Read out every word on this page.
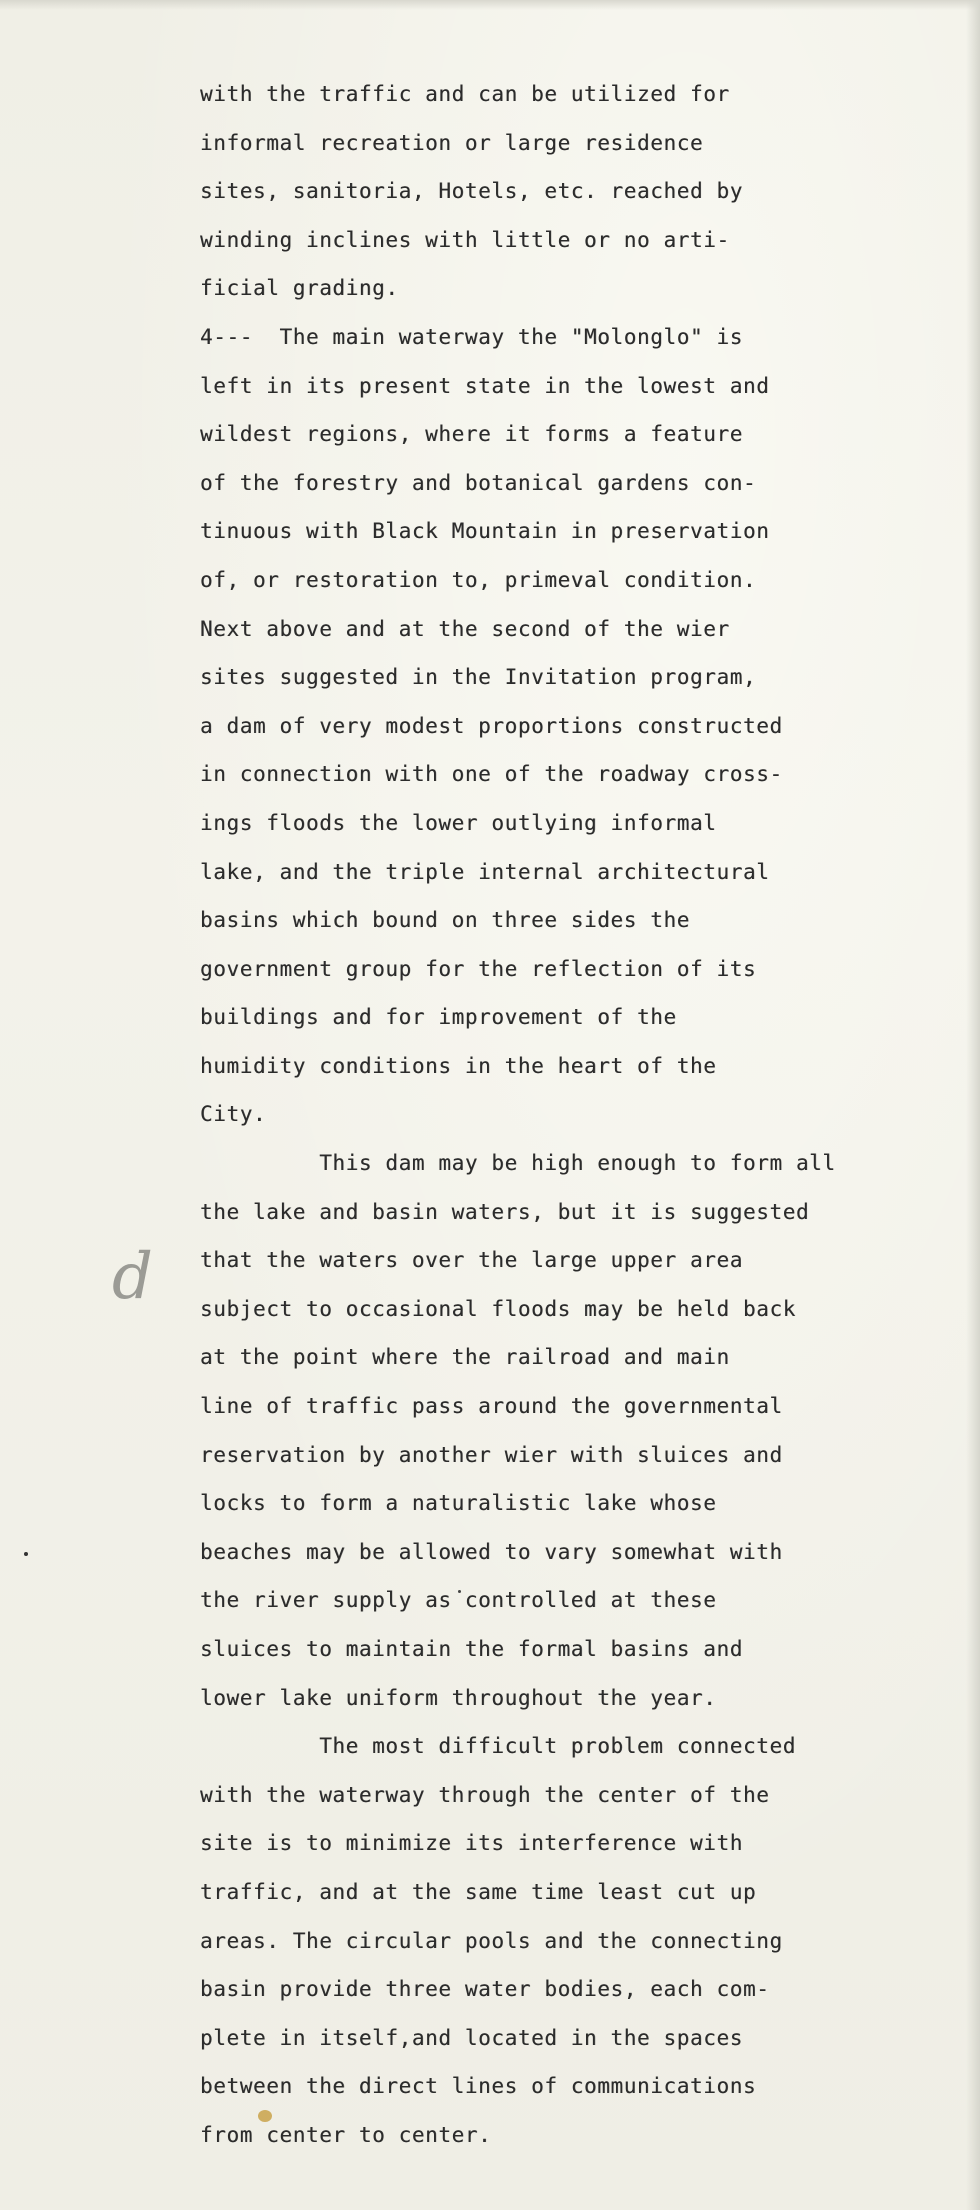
d
with the traffic and can be utilized for
informal recreation or large residence
sites, sanitoria, Hotels, etc. reached by
winding inclines with little or no arti-
ficial grading.
4---  The main waterway the "Molonglo" is
left in its present state in the lowest and
wildest regions, where it forms a feature
of the forestry and botanical gardens con-
tinuous with Black Mountain in preservation
of, or restoration to, primeval condition.
Next above and at the second of the wier
sites suggested in the Invitation program,
a dam of very modest proportions constructed
in connection with one of the roadway cross-
ings floods the lower outlying informal
lake, and the triple internal architectural
basins which bound on three sides the
government group for the reflection of its
buildings and for improvement of the
humidity conditions in the heart of the
City.
This dam may be high enough to form all
the lake and basin waters, but it is suggested
that the waters over the large upper area
subject to occasional floods may be held back
at the point where the railroad and main
line of traffic pass around the governmental
reservation by another wier with sluices and
locks to form a naturalistic lake whose
beaches may be allowed to vary somewhat with
the river supply as controlled at these
sluices to maintain the formal basins and
lower lake uniform throughout the year.
The most difficult problem connected
with the waterway through the center of the
site is to minimize its interference with
traffic, and at the same time least cut up
areas. The circular pools and the connecting
basin provide three water bodies, each com-
plete in itself,and located in the spaces
between the direct lines of communications
from center to center.
